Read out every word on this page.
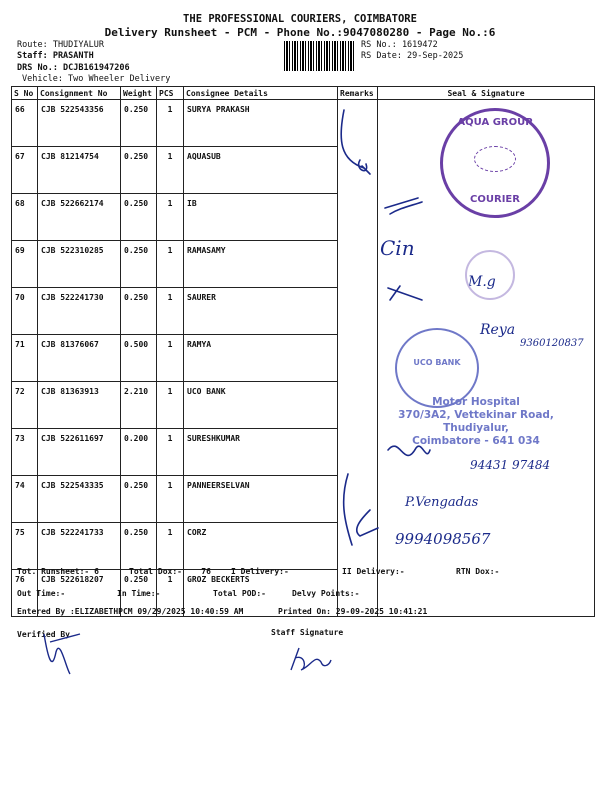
THE PROFESSIONAL COURIERS, COIMBATORE
Delivery Runsheet - PCM - Phone No.:9047080280 - Page No.:6
Route: THUDIYALUR
Staff: PRASANTH
DRS No.: DCJB161947206
Vehicle: Two Wheeler Delivery
RS No.: 1619472
RS Date: 29-Sep-2025
S No	Consignment No	Weight	PCS	Consignee Details	Remarks	Seal & Signature
66	CJB 522543356	0.250	1	SURYA PRAKASH		
67	CJB 81214754	0.250	1	AQUASUB		
68	CJB 522662174	0.250	1	IB		
69	CJB 522310285	0.250	1	RAMASAMY		
70	CJB 522241730	0.250	1	SAURER		
71	CJB 81376067	0.500	1	RAMYA		
72	CJB 81363913	2.210	1	UCO BANK		
73	CJB 522611697	0.200	1	SURESHKUMAR		
74	CJB 522543335	0.250	1	PANNEERSELVAN		
75	CJB 522241733	0.250	1	CORZ		
76	CJB 522618207	0.250	1	GROZ BECKERTS		
Cin
M.g
Reya
9360120837
94431 97484
P.Vengadas
9994098567
AQUA GROUP
COURIER
UCO BANK
Motor Hospital
370/3A2, Vettekinar Road,
Thudiyalur,
Coimbatore - 641 034
Tot. Runsheet:- 6	Total Dox:-    76	I Delivery:-	II Delivery:-	RTN Dox:-
Out Time:-	In Time:-	Total POD:-	Delvy Points:-
Entered By :ELIZABETHPCM 09/29/2025 10:40:59 AM	Printed On: 29-09-2025 10:41:21
Verified By	Staff Signature
